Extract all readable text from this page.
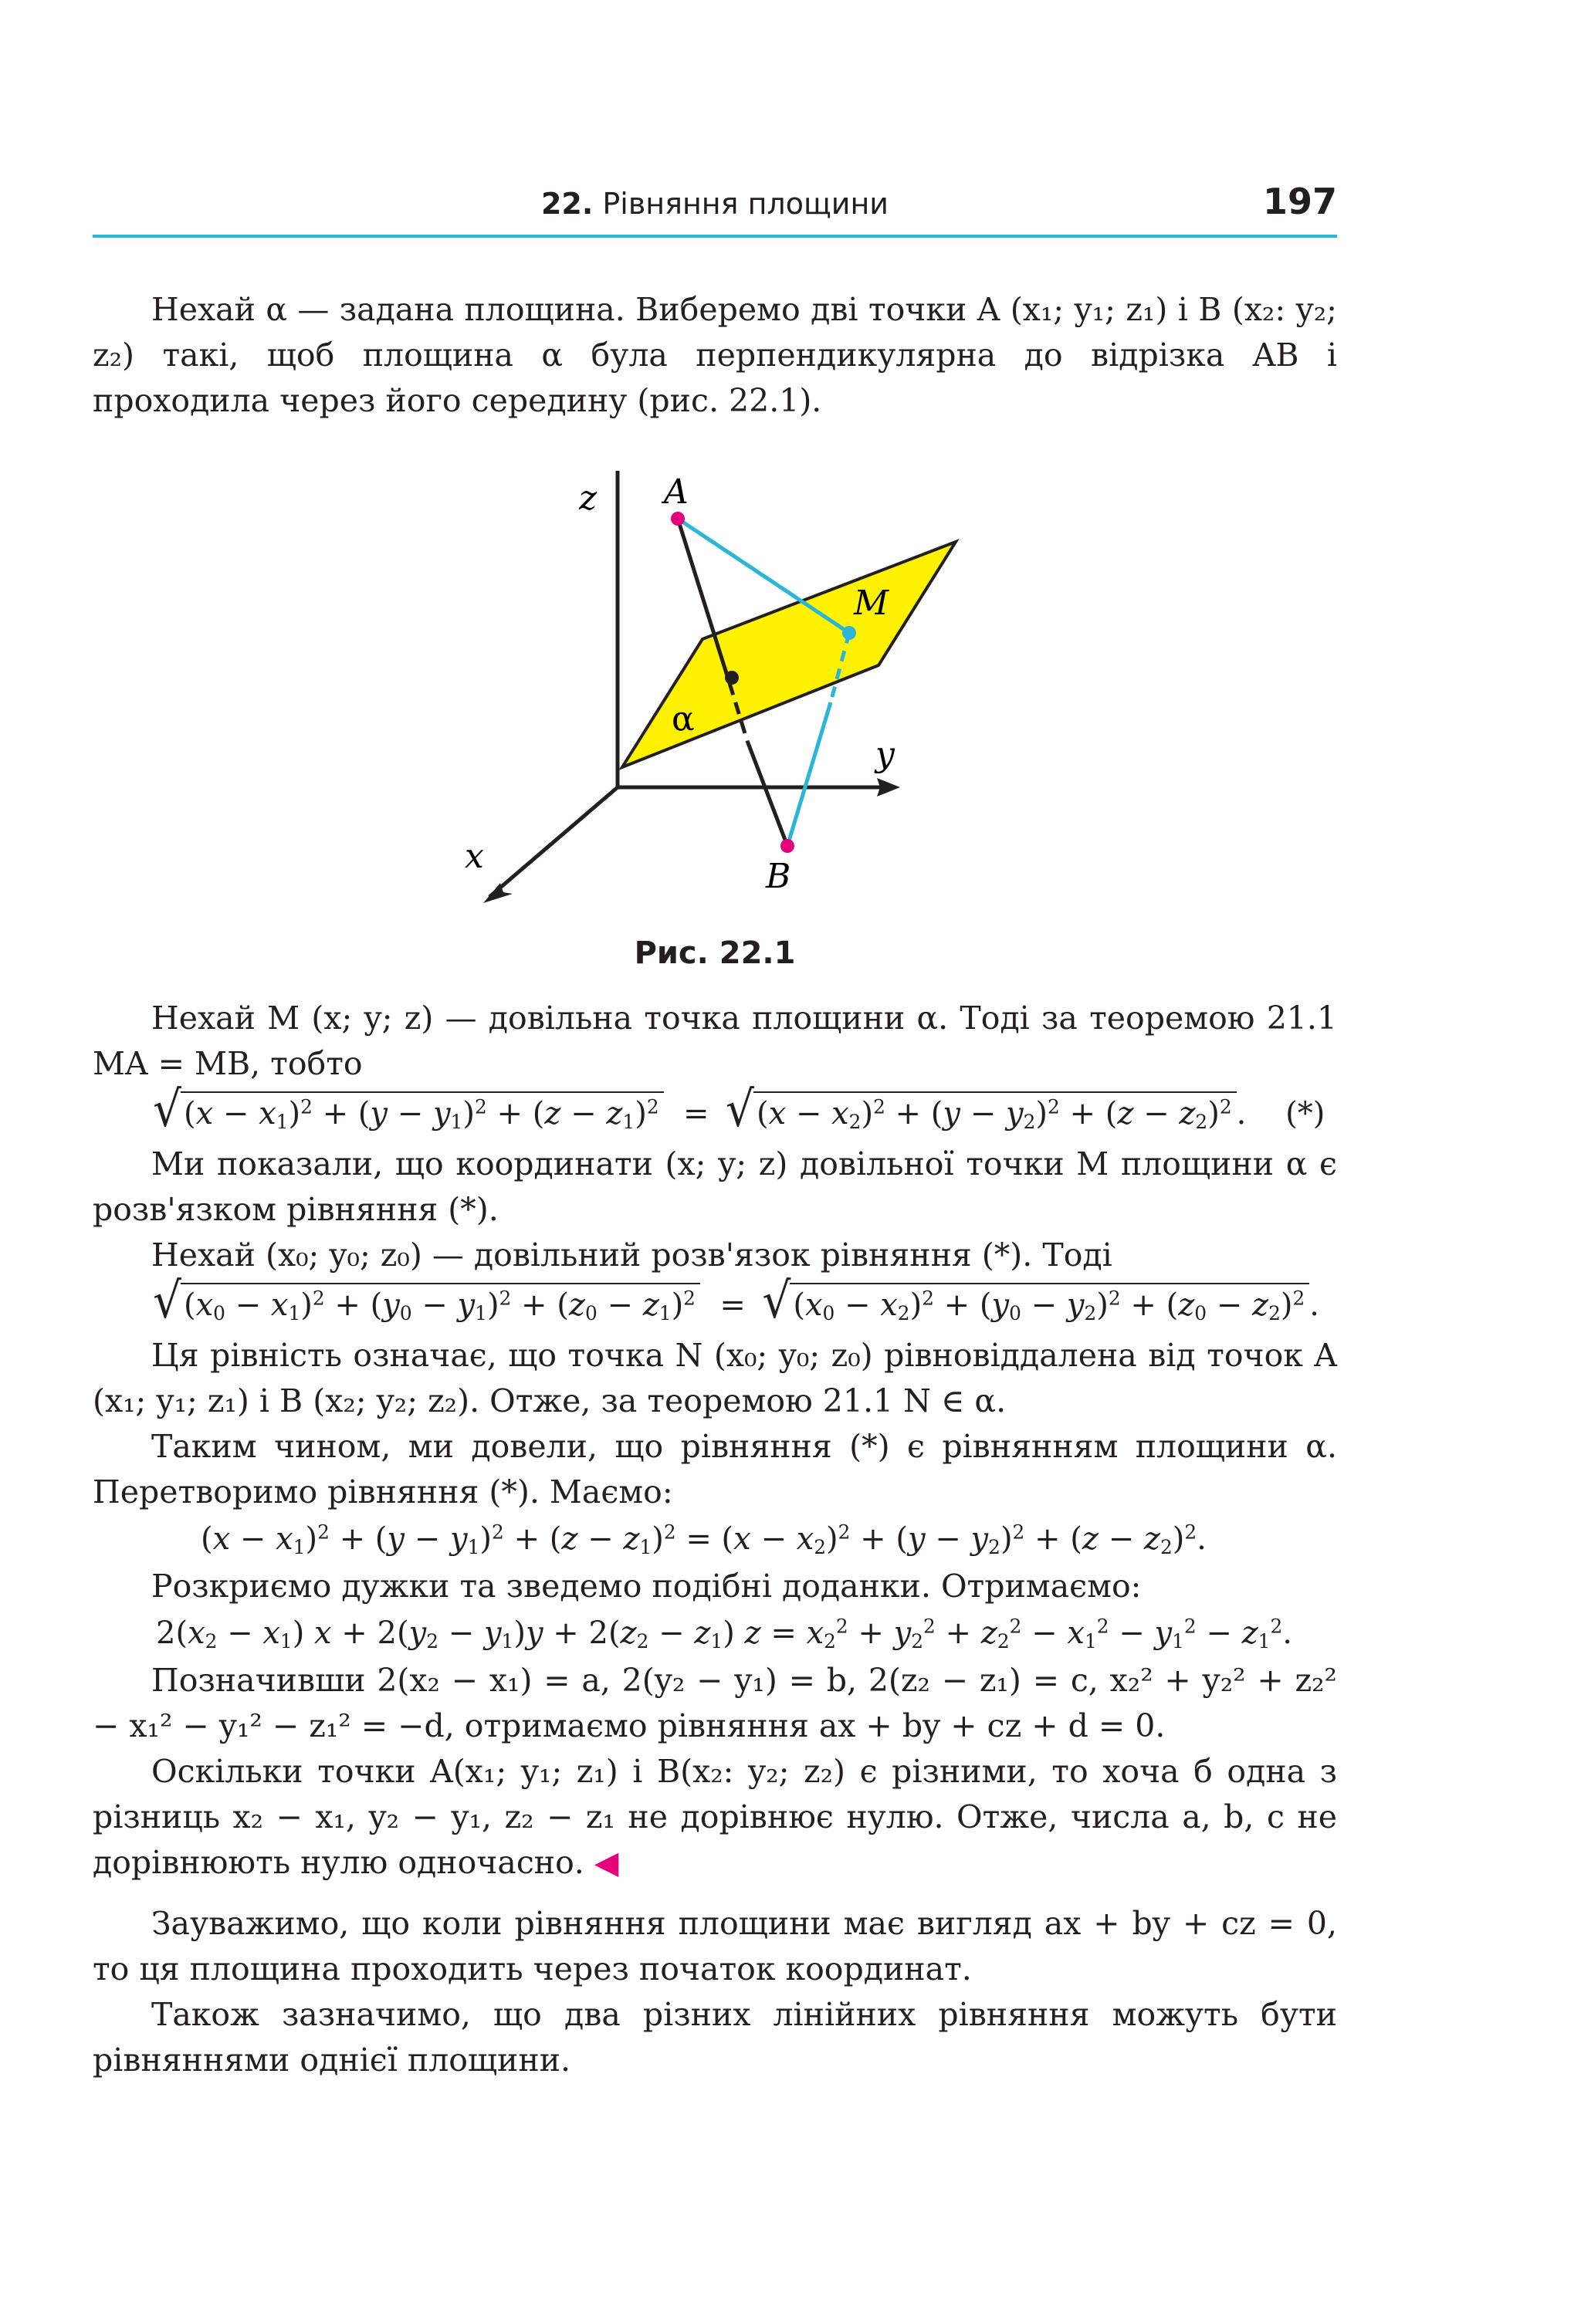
22. Рівняння площини	197

Нехай α — задана площина. Виберемо дві точки A (x₁; y₁; z₁) і B (x₂: y₂; z₂) такі, щоб площина α була перпендикулярна до відрізка AB і проходила через його середину (рис. 22.1).

z A
M
α
y
x
B
Рис. 22.1

Нехай M (x; y; z) — довільна точка площини α. Тоді за теоремою 21.1 MA = MB, тобто

√ $(x - x_1)^2 + (y - y_1)^2 + (z - z_1)^2$  =  √ $(x - x_2)^2 + (y - y_2)^2 + (z - z_2)^2$ .    (*)

Ми показали, що координати (x; y; z) довільної точки M площини α є розв'язком рівняння (*).

Нехай (x₀; y₀; z₀) — довільний розв'язок рівняння (*). Тоді

√ $(x_0 - x_1)^2 + (y_0 - y_1)^2 + (z_0 - z_1)^2$  =  √ $(x_0 - x_2)^2 + (y_0 - y_2)^2 + (z_0 - z_2)^2$ .

Ця рівність означає, що точка N (x₀; y₀; z₀) рівновіддалена від точок A (x₁; y₁; z₁) і B (x₂; y₂; z₂). Отже, за теоремою 21.1 N ∈ α.

Таким чином, ми довели, що рівняння (*) є рівнянням площини α. Перетворимо рівняння (*). Маємо:

$(x - x_1)^2 + (y - y_1)^2 + (z - z_1)^2 = (x - x_2)^2 + (y - y_2)^2 + (z - z_2)^2$.

Розкриємо дужки та зведемо подібні доданки. Отримаємо:

$2(x_2 - x_1) x + 2(y_2 - y_1)y + 2(z_2 - z_1) z = x_2^2 + y_2^2 + z_2^2 - x_1^2 - y_1^2 - z_1^2$.

Позначивши 2(x₂ − x₁) = a, 2(y₂ − y₁) = b, 2(z₂ − z₁) = c, x₂² + y₂² + z₂² − x₁² − y₁² − z₁² = −d, отримаємо рівняння ax + by + cz + d = 0.

Оскільки точки A(x₁; y₁; z₁) і B(x₂: y₂; z₂) є різними, то хоча б одна з різниць x₂ − x₁, y₂ − y₁, z₂ − z₁ не дорівнює нулю. Отже, числа a, b, c не дорівнюють нулю одночасно. ◀

Зауважимо, що коли рівняння площини має вигляд ax + by + cz = 0, то ця площина проходить через початок координат.

Також зазначимо, що два різних лінійних рівняння можуть бути рівняннями однієї площини.
